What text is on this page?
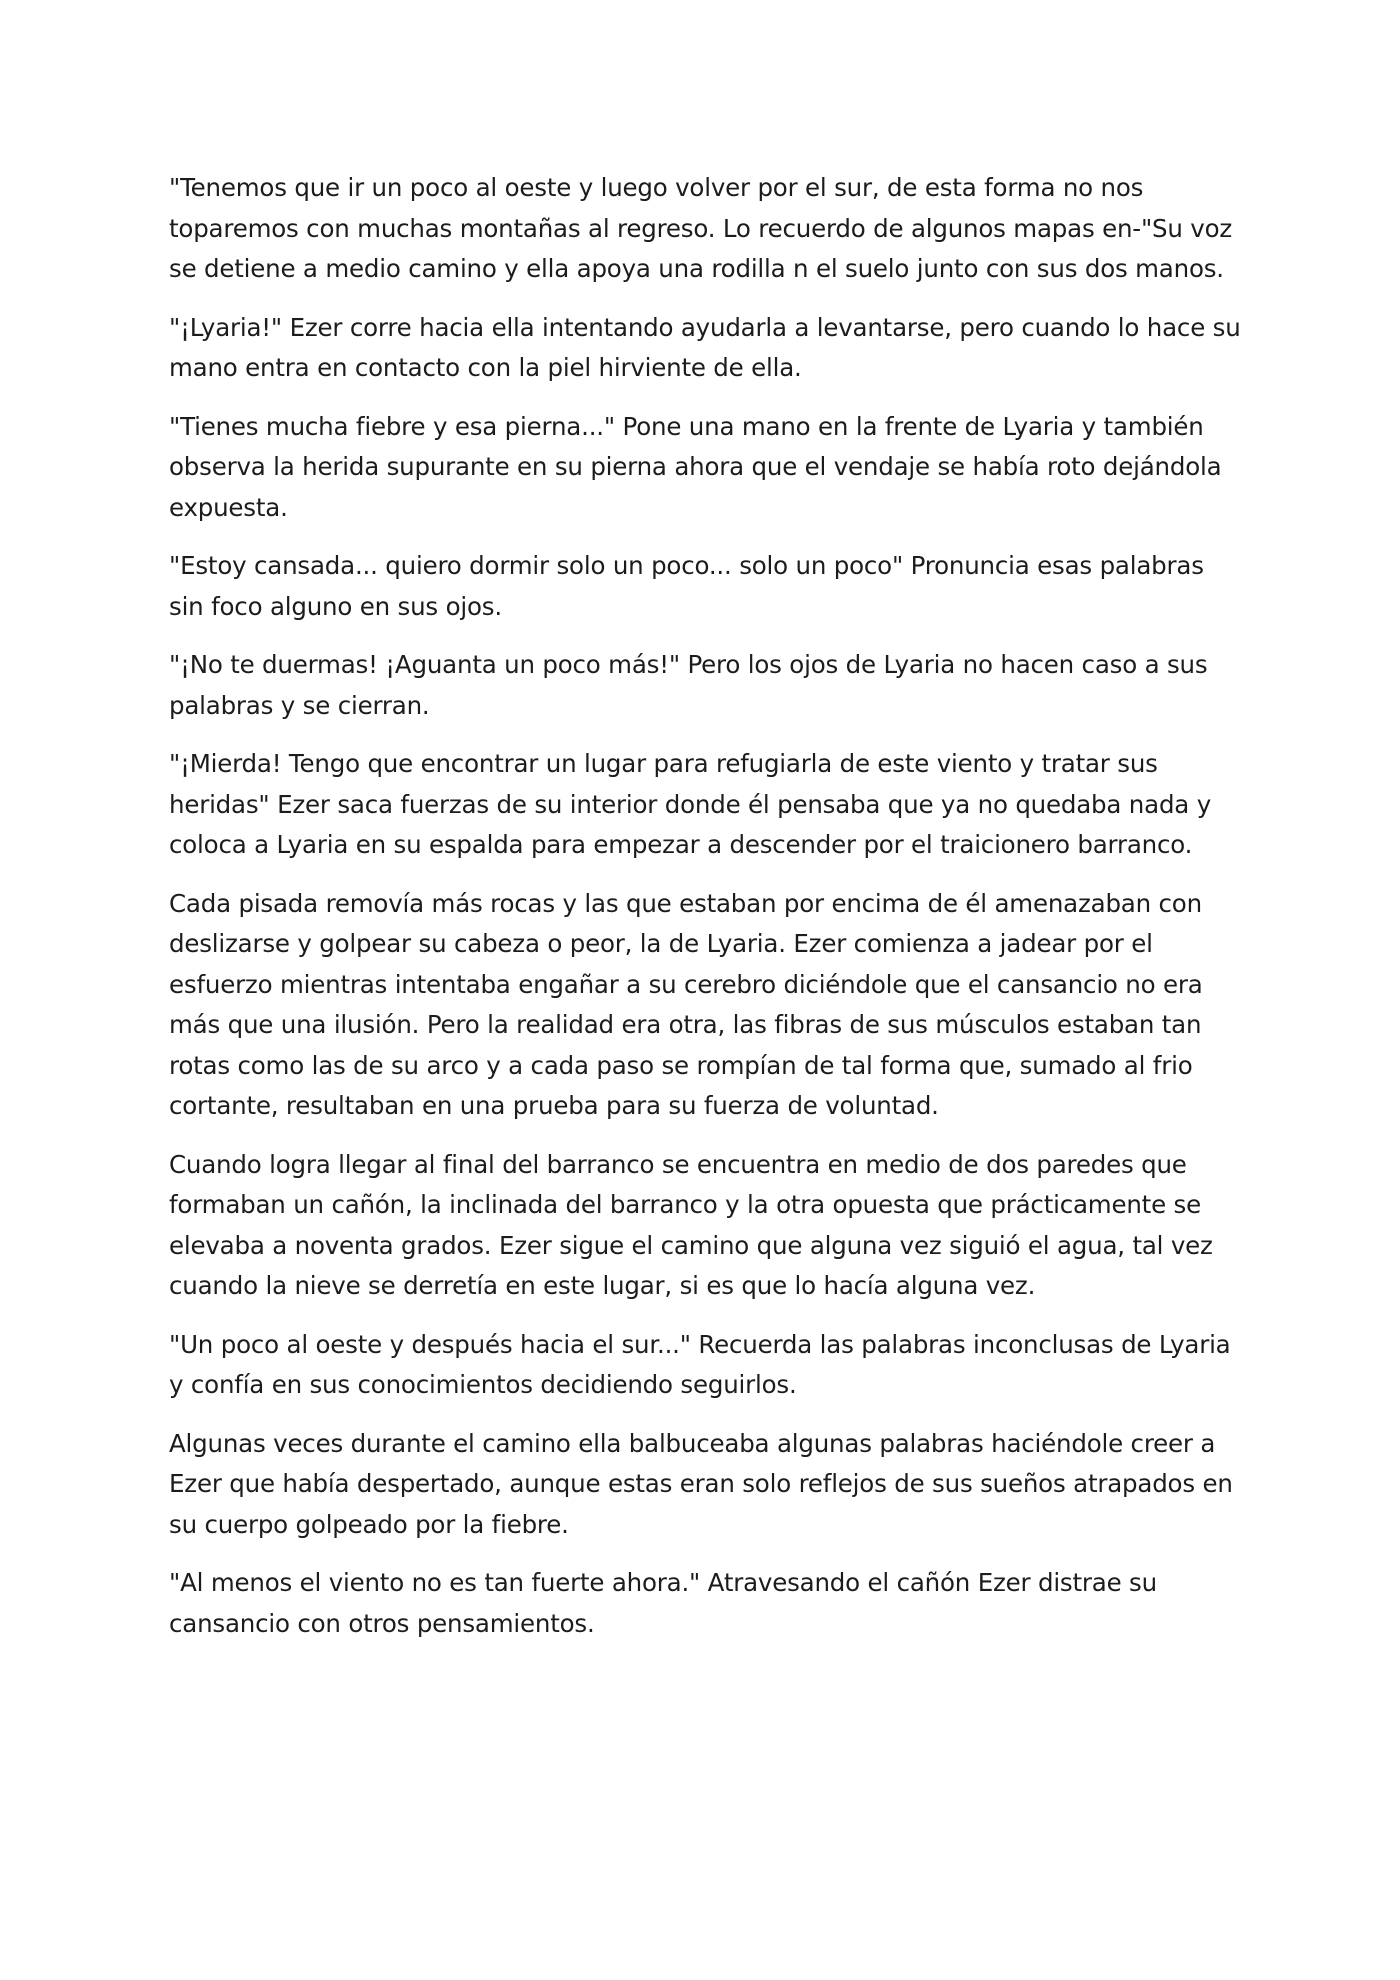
"Tenemos que ir un poco al oeste y luego volver por el sur, de esta forma no nos toparemos con muchas montañas al regreso. Lo recuerdo de algunos mapas en-"Su voz se detiene a medio camino y ella apoya una rodilla n el suelo junto con sus dos manos.

"¡Lyaria!" Ezer corre hacia ella intentando ayudarla a levantarse, pero cuando lo hace su mano entra en contacto con la piel hirviente de ella.

"Tienes mucha fiebre y esa pierna..." Pone una mano en la frente de Lyaria y también observa la herida supurante en su pierna ahora que el vendaje se había roto dejándola expuesta.

"Estoy cansada... quiero dormir solo un poco... solo un poco" Pronuncia esas palabras sin foco alguno en sus ojos.

"¡No te duermas! ¡Aguanta un poco más!" Pero los ojos de Lyaria no hacen caso a sus palabras y se cierran.

"¡Mierda! Tengo que encontrar un lugar para refugiarla de este viento y tratar sus heridas" Ezer saca fuerzas de su interior donde él pensaba que ya no quedaba nada y coloca a Lyaria en su espalda para empezar a descender por el traicionero barranco.

Cada pisada removía más rocas y las que estaban por encima de él amenazaban con deslizarse y golpear su cabeza o peor, la de Lyaria. Ezer comienza a jadear por el esfuerzo mientras intentaba engañar a su cerebro diciéndole que el cansancio no era más que una ilusión. Pero la realidad era otra, las fibras de sus músculos estaban tan rotas como las de su arco y a cada paso se rompían de tal forma que, sumado al frio cortante, resultaban en una prueba para su fuerza de voluntad.

Cuando logra llegar al final del barranco se encuentra en medio de dos paredes que formaban un cañón, la inclinada del barranco y la otra opuesta que prácticamente se elevaba a noventa grados. Ezer sigue el camino que alguna vez siguió el agua, tal vez cuando la nieve se derretía en este lugar, si es que lo hacía alguna vez.

"Un poco al oeste y después hacia el sur..." Recuerda las palabras inconclusas de Lyaria y confía en sus conocimientos decidiendo seguirlos.

Algunas veces durante el camino ella balbuceaba algunas palabras haciéndole creer a Ezer que había despertado, aunque estas eran solo reflejos de sus sueños atrapados en su cuerpo golpeado por la fiebre.

"Al menos el viento no es tan fuerte ahora." Atravesando el cañón Ezer distrae su cansancio con otros pensamientos.
